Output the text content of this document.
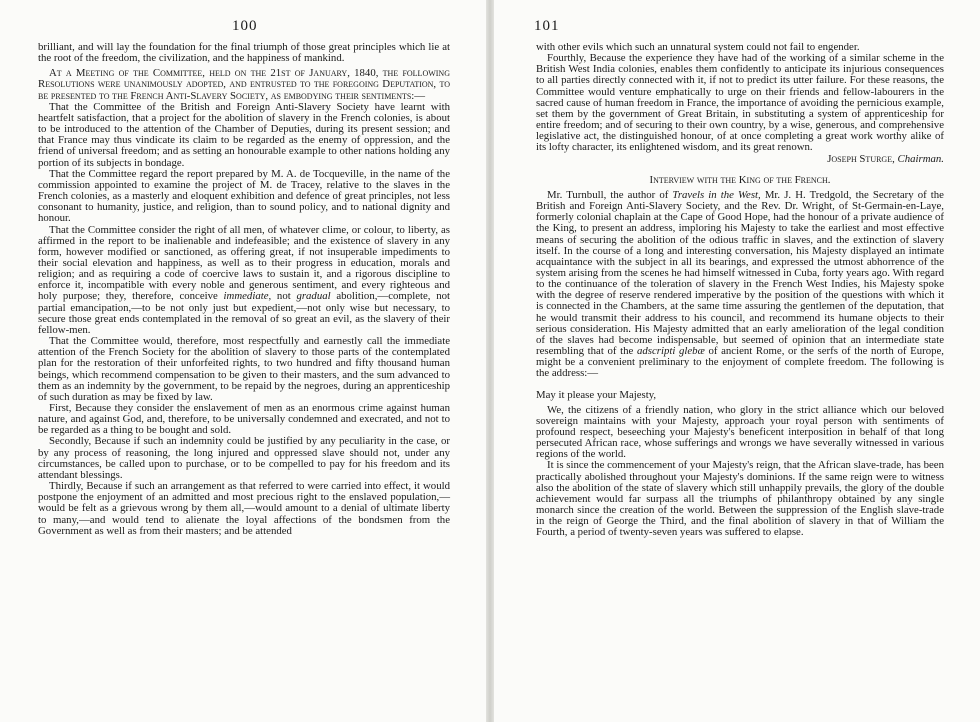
100

brilliant, and will lay the foundation for the final triumph of those great principles which lie at the root of the freedom, the civilization, and the happiness of mankind.

At a Meeting of the Committee, held on the 21st of January, 1840, the following Resolutions were unanimously adopted, and entrusted to the foregoing Deputation, to be presented to the French Anti-Slavery Society, as embodying their sentiments:—

That the Committee of the British and Foreign Anti-Slavery Society have learnt with heartfelt satisfaction, that a project for the abolition of slavery in the French colonies, is about to be introduced to the attention of the Chamber of Deputies, during its present session; and that France may thus vindicate its claim to be regarded as the enemy of oppression, and the friend of universal freedom; and as setting an honourable example to other nations holding any portion of its subjects in bondage.

That the Committee regard the report prepared by M. A. de Tocqueville, in the name of the commission appointed to examine the project of M. de Tracey, relative to the slaves in the French colonies, as a masterly and eloquent exhibition and defence of great principles, not less consonant to humanity, justice, and religion, than to sound policy, and to national dignity and honour.

That the Committee consider the right of all men, of whatever clime, or colour, to liberty, as affirmed in the report to be inalienable and indefeasible; and the existence of slavery in any form, however modified or sanctioned, as offering great, if not insuperable impediments to their social elevation and happiness, as well as to their progress in education, morals and religion; and as requiring a code of coercive laws to sustain it, and a rigorous discipline to enforce it, incompatible with every noble and generous sentiment, and every righteous and holy purpose; they, therefore, conceive immediate, not gradual abolition,—complete, not partial emancipation,—to be not only just but expedient,—not only wise but necessary, to secure those great ends contemplated in the removal of so great an evil, as the slavery of their fellow-men.

That the Committee would, therefore, most respectfully and earnestly call the immediate attention of the French Society for the abolition of slavery to those parts of the contemplated plan for the restoration of their unforfeited rights, to two hundred and fifty thousand human beings, which recommend compensation to be given to their masters, and the sum advanced to them as an indemnity by the government, to be repaid by the negroes, during an apprenticeship of such duration as may be fixed by law.

First, Because they consider the enslavement of men as an enormous crime against human nature, and against God, and, therefore, to be universally condemned and execrated, and not to be regarded as a thing to be bought and sold.

Secondly, Because if such an indemnity could be justified by any peculiarity in the case, or by any process of reasoning, the long injured and oppressed slave should not, under any circumstances, be called upon to purchase, or to be compelled to pay for his freedom and its attendant blessings.

Thirdly, Because if such an arrangement as that referred to were carried into effect, it would postpone the enjoyment of an admitted and most precious right to the enslaved population,—would be felt as a grievous wrong by them all,—would amount to a denial of ultimate liberty to many,—and would tend to alienate the loyal affections of the bondsmen from the Government as well as from their masters; and be attended

101

with other evils which such an unnatural system could not fail to engender.

Fourthly, Because the experience they have had of the working of a similar scheme in the British West India colonies, enables them confidently to anticipate its injurious consequences to all parties directly connected with it, if not to predict its utter failure. For these reasons, the Committee would venture emphatically to urge on their friends and fellow-labourers in the sacred cause of human freedom in France, the importance of avoiding the pernicious example, set them by the government of Great Britain, in substituting a system of apprenticeship for entire freedom; and of securing to their own country, by a wise, generous, and comprehensive legislative act, the distinguished honour, of at once completing a great work worthy alike of its lofty character, its enlightened wisdom, and its great renown.

Joseph Sturge, Chairman.

Interview with the King of the French.

Mr. Turnbull, the author of Travels in the West, Mr. J. H. Tredgold, the Secretary of the British and Foreign Anti-Slavery Society, and the Rev. Dr. Wright, of St-Germain-en-Laye, formerly colonial chaplain at the Cape of Good Hope, had the honour of a private audience of the King, to present an address, imploring his Majesty to take the earliest and most effective means of securing the abolition of the odious traffic in slaves, and the extinction of slavery itself. In the course of a long and interesting conversation, his Majesty displayed an intimate acquaintance with the subject in all its bearings, and expressed the utmost abhorrence of the system arising from the scenes he had himself witnessed in Cuba, forty years ago. With regard to the continuance of the toleration of slavery in the French West Indies, his Majesty spoke with the degree of reserve rendered imperative by the position of the questions with which it is connected in the Chambers, at the same time assuring the gentlemen of the deputation, that he would transmit their address to his council, and recommend its humane objects to their serious consideration. His Majesty admitted that an early amelioration of the legal condition of the slaves had become indispensable, but seemed of opinion that an intermediate state resembling that of the adscripti glebæ of ancient Rome, or the serfs of the north of Europe, might be a convenient preliminary to the enjoyment of complete freedom. The following is the address:—

May it please your Majesty,

We, the citizens of a friendly nation, who glory in the strict alliance which our beloved sovereign maintains with your Majesty, approach your royal person with sentiments of profound respect, beseeching your Majesty's beneficent interposition in behalf of that long persecuted African race, whose sufferings and wrongs we have severally witnessed in various regions of the world.

It is since the commencement of your Majesty's reign, that the African slave-trade, has been practically abolished throughout your Majesty's dominions. If the same reign were to witness also the abolition of the state of slavery which still unhappily prevails, the glory of the double achievement would far surpass all the triumphs of philanthropy obtained by any single monarch since the creation of the world. Between the suppression of the English slave-trade in the reign of George the Third, and the final abolition of slavery in that of William the Fourth, a period of twenty-seven years was suffered to elapse.
